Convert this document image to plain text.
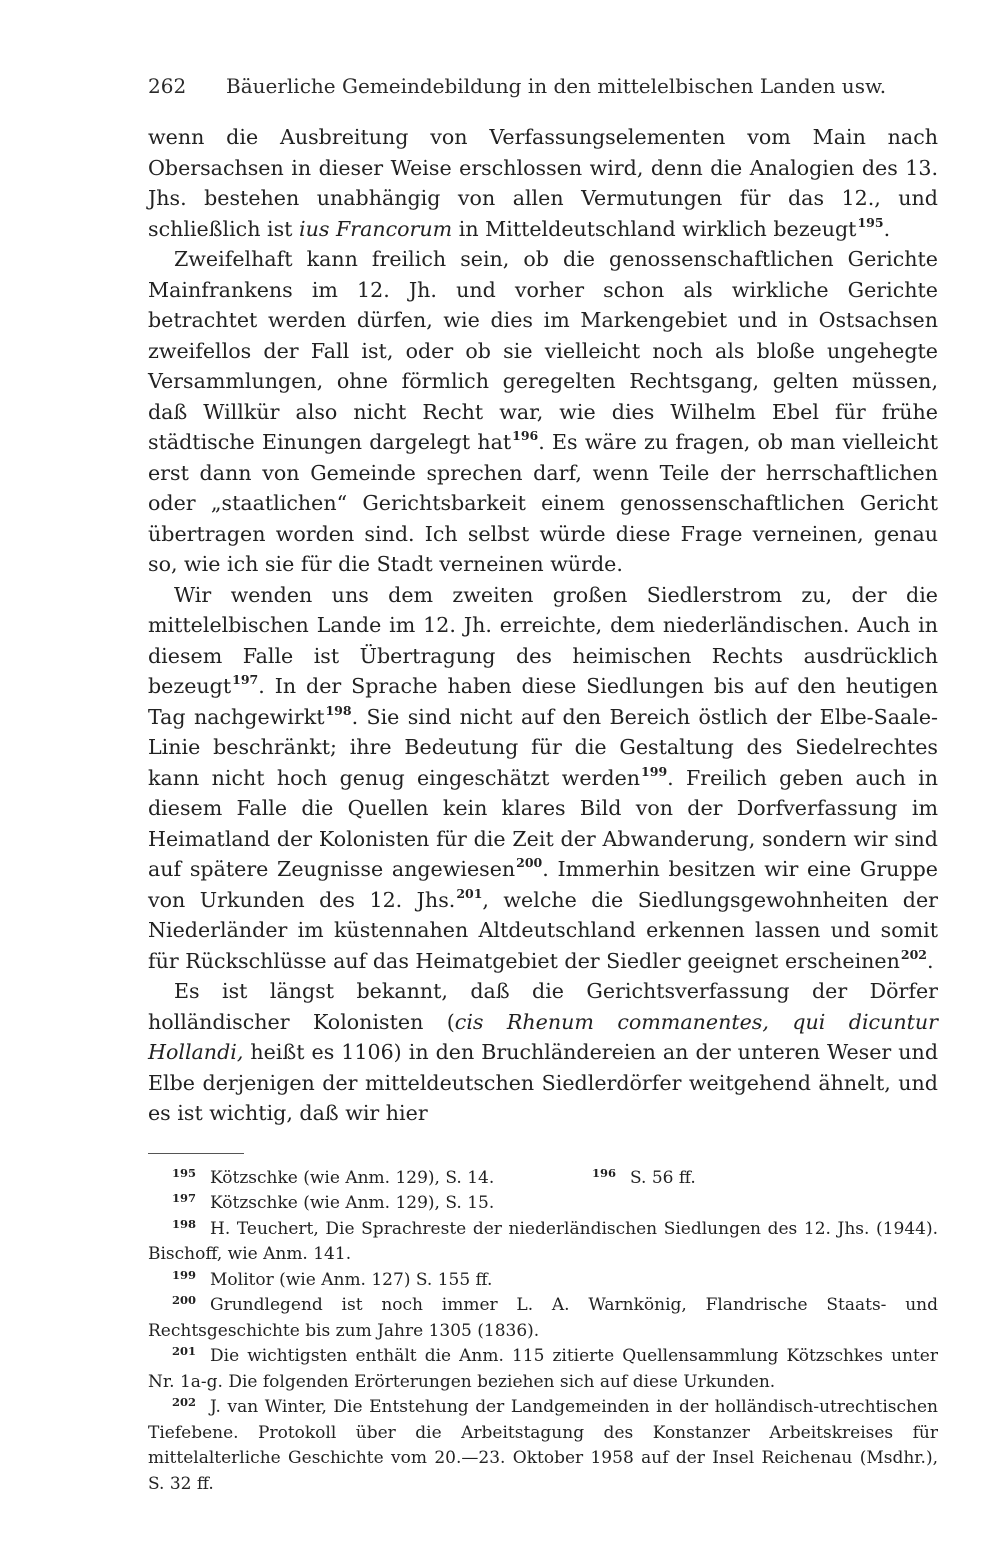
262	Bäuerliche Gemeindebildung in den mittelelbischen Landen usw.

wenn die Ausbreitung von Verfassungselementen vom Main nach Obersachsen in dieser Weise erschlossen wird, denn die Analogien des 13. Jhs. bestehen unabhängig von allen Vermutungen für das 12., und schließlich ist ius Francorum in Mitteldeutschland wirklich bezeugt$^{195}$.

Zweifelhaft kann freilich sein, ob die genossenschaftlichen Gerichte Mainfrankens im 12. Jh. und vorher schon als wirkliche Gerichte betrachtet werden dürfen, wie dies im Markengebiet und in Ostsachsen zweifellos der Fall ist, oder ob sie vielleicht noch als bloße ungehegte Versammlungen, ohne förmlich geregelten Rechtsgang, gelten müssen, daß Willkür also nicht Recht war, wie dies Wilhelm Ebel für frühe städtische Einungen dargelegt hat$^{196}$. Es wäre zu fragen, ob man vielleicht erst dann von Gemeinde sprechen darf, wenn Teile der herrschaftlichen oder „staatlichen“ Gerichtsbarkeit einem genossenschaftlichen Gericht übertragen worden sind. Ich selbst würde diese Frage verneinen, genau so, wie ich sie für die Stadt verneinen würde.

Wir wenden uns dem zweiten großen Siedlerstrom zu, der die mittelelbischen Lande im 12. Jh. erreichte, dem niederländischen. Auch in diesem Falle ist Übertragung des heimischen Rechts ausdrücklich bezeugt$^{197}$. In der Sprache haben diese Siedlungen bis auf den heutigen Tag nachgewirkt$^{198}$. Sie sind nicht auf den Bereich östlich der Elbe-Saale-Linie beschränkt; ihre Bedeutung für die Gestaltung des Siedelrechtes kann nicht hoch genug eingeschätzt werden$^{199}$. Freilich geben auch in diesem Falle die Quellen kein klares Bild von der Dorfverfassung im Heimatland der Kolonisten für die Zeit der Abwanderung, sondern wir sind auf spätere Zeugnisse angewiesen$^{200}$. Immerhin besitzen wir eine Gruppe von Urkunden des 12. Jhs.$^{201}$, welche die Siedlungsgewohnheiten der Niederländer im küstennahen Altdeutschland erkennen lassen und somit für Rückschlüsse auf das Heimatgebiet der Siedler geeignet erscheinen$^{202}$.

Es ist längst bekannt, daß die Gerichtsverfassung der Dörfer holländischer Kolonisten (cis Rhenum commanentes, qui dicuntur Hollandi, heißt es 1106) in den Bruchländereien an der unteren Weser und Elbe derjenigen der mitteldeutschen Siedlerdörfer weitgehend ähnelt, und es ist wichtig, daß wir hier

$^{195}$ Kötzschke (wie Anm. 129), S. 14.	$^{196}$ S. 56 ff.

$^{197}$ Kötzschke (wie Anm. 129), S. 15.

$^{198}$ H. Teuchert, Die Sprachreste der niederländischen Siedlungen des 12. Jhs. (1944). Bischoff, wie Anm. 141.

$^{199}$ Molitor (wie Anm. 127) S. 155 ff.

$^{200}$ Grundlegend ist noch immer L. A. Warnkönig, Flandrische Staats- und Rechtsgeschichte bis zum Jahre 1305 (1836).

$^{201}$ Die wichtigsten enthält die Anm. 115 zitierte Quellensammlung Kötzschkes unter Nr. 1a-g. Die folgenden Erörterungen beziehen sich auf diese Urkunden.

$^{202}$ J. van Winter, Die Entstehung der Landgemeinden in der holländisch-utrechtischen Tiefebene. Protokoll über die Arbeitstagung des Konstanzer Arbeitskreises für mittelalterliche Geschichte vom 20.—23. Oktober 1958 auf der Insel Reichenau (Msdhr.), S. 32 ff.
